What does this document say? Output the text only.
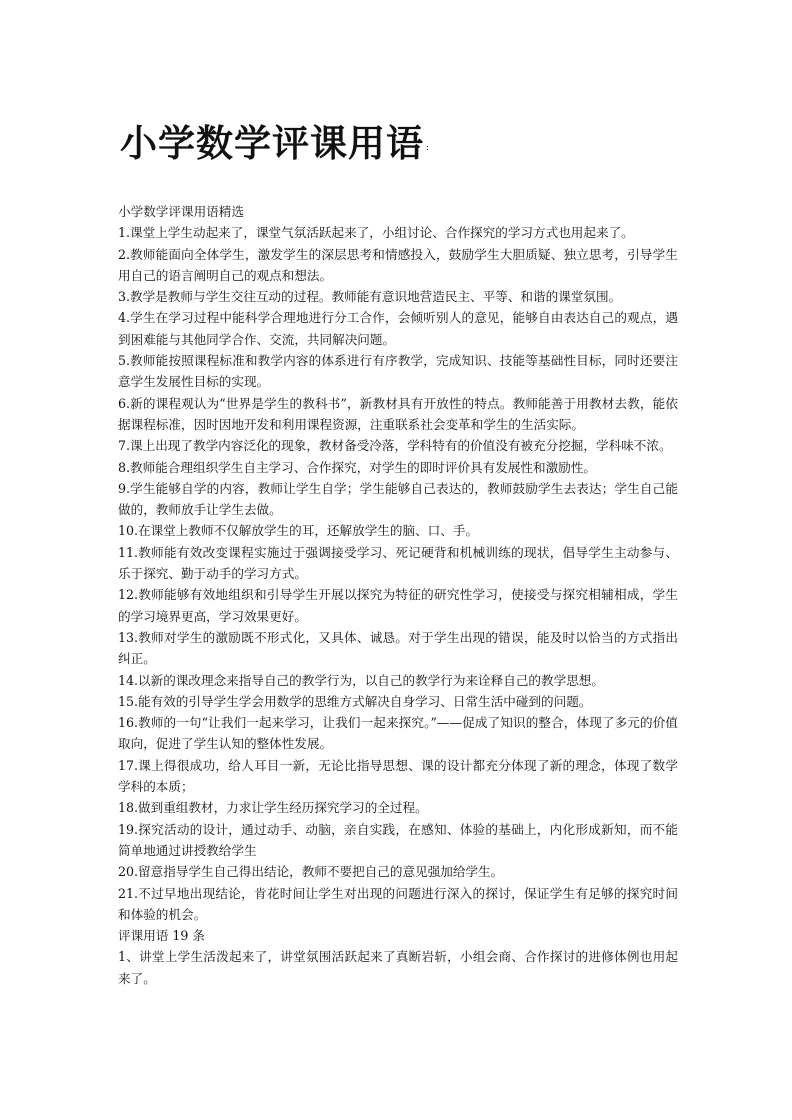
小学数学评课用语 :

小学数学评课用语精选

1.课堂上学生动起来了，课堂气氛活跃起来了，小组讨论、合作探究的学习方式也用起来了。

2.教师能面向全体学生，激发学生的深层思考和情感投入，鼓励学生大胆质疑、独立思考，引导学生用自己的语言阐明自己的观点和想法。

3.教学是教师与学生交往互动的过程。教师能有意识地营造民主、平等、和谐的课堂氛围。

4.学生在学习过程中能科学合理地进行分工合作，会倾听别人的意见，能够自由表达自己的观点，遇到困难能与其他同学合作、交流，共同解决问题。

5.教师能按照课程标准和教学内容的体系进行有序教学，完成知识、技能等基础性目标，同时还要注意学生发展性目标的实现。

6.新的课程观认为“世界是学生的教科书”，新教材具有开放性的特点。教师能善于用教材去教，能依据课程标准，因时因地开发和利用课程资源，注重联系社会变革和学生的生活实际。

7.课上出现了教学内容泛化的现象，教材备受冷落，学科特有的价值没有被充分挖掘，学科味不浓。

8.教师能合理组织学生自主学习、合作探究，对学生的即时评价具有发展性和激励性。

9.学生能够自学的内容，教师让学生自学；学生能够自己表达的，教师鼓励学生去表达；学生自己能做的，教师放手让学生去做。

10.在课堂上教师不仅解放学生的耳，还解放学生的脑、口、手。

11.教师能有效改变课程实施过于强调接受学习、死记硬背和机械训练的现状，倡导学生主动参与、乐于探究、勤于动手的学习方式。

12.教师能够有效地组织和引导学生开展以探究为特征的研究性学习，使接受与探究相辅相成，学生的学习境界更高，学习效果更好。

13.教师对学生的激励既不形式化，又具体、诚恳。对于学生出现的错误，能及时以恰当的方式指出纠正。

14.以新的课改理念来指导自己的教学行为，以自己的教学行为来诠释自己的教学思想。

15.能有效的引导学生学会用数学的思维方式解决自身学习、日常生活中碰到的问题。

16.教师的一句“让我们一起来学习，让我们一起来探究。”——促成了知识的整合，体现了多元的价值取向，促进了学生认知的整体性发展。

17.课上得很成功，给人耳目一新，无论比指导思想、课的设计都充分体现了新的理念，体现了数学学科的本质；

18.做到重组教材，力求让学生经历探究学习的全过程。

19.探究活动的设计，通过动手、动脑，亲自实践，在感知、体验的基础上，内化形成新知，而不能简单地通过讲授教给学生

20.留意指导学生自己得出结论，教师不要把自己的意见强加给学生。

21.不过早地出现结论，肯花时间让学生对出现的问题进行深入的探讨，保证学生有足够的探究时间和体验的机会。

评课用语 19 条

1、讲堂上学生活泼起来了，讲堂氛围活跃起来了真断岩斩，小组会商、合作探讨的进修体例也用起来了。
